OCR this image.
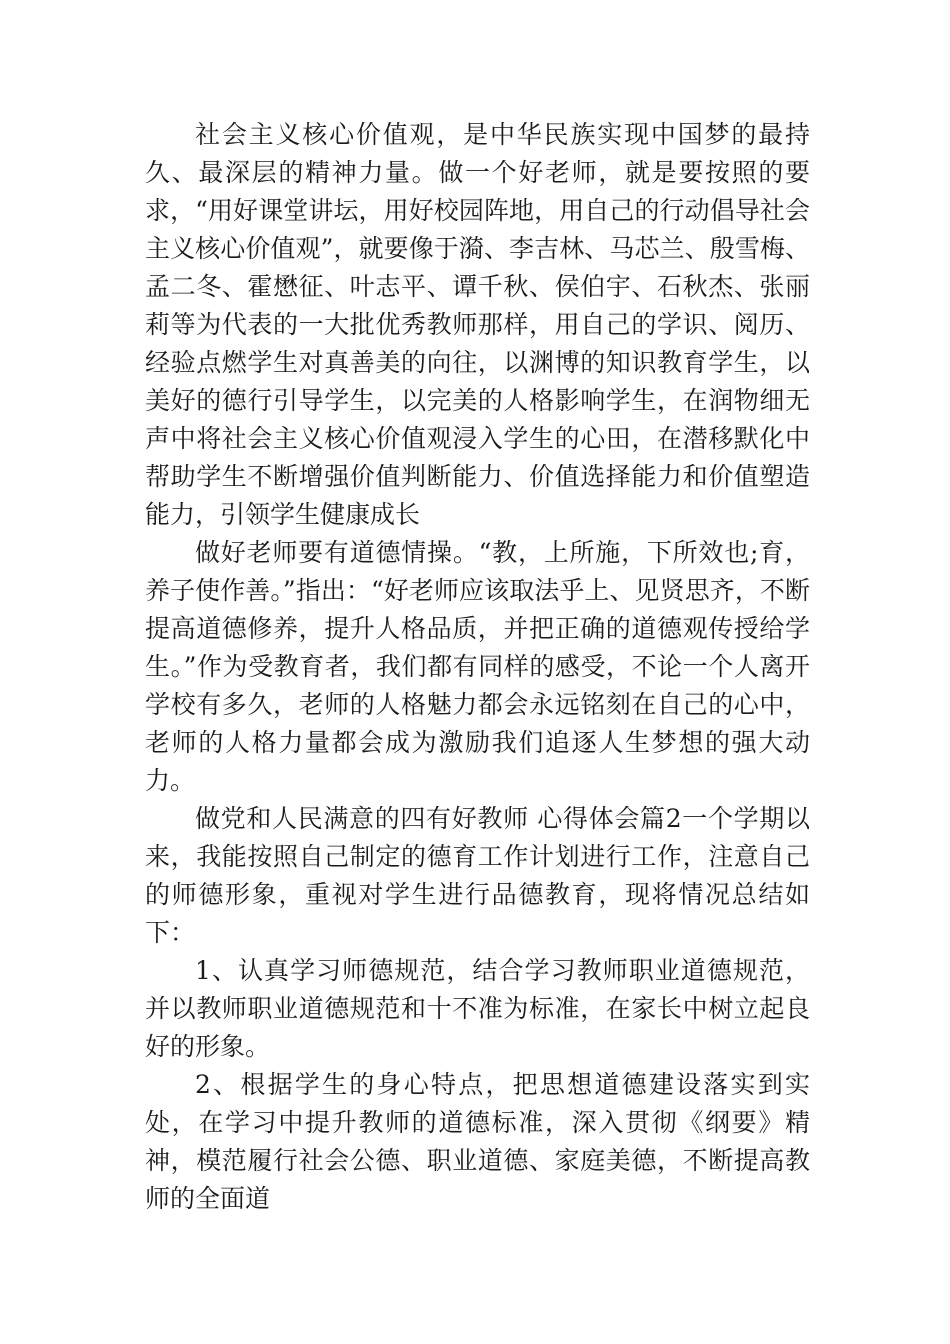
社会主义核心价值观，是中华民族实现中国梦的最持久、最深层的精神力量。做一个好老师，就是要按照的要求，“用好课堂讲坛，用好校园阵地，用自己的行动倡导社会主义核心价值观”，就要像于漪、李吉林、马芯兰、殷雪梅、孟二冬、霍懋征、叶志平、谭千秋、侯伯宇、石秋杰、张丽莉等为代表的一大批优秀教师那样，用自己的学识、阅历、经验点燃学生对真善美的向往，以渊博的知识教育学生，以美好的德行引导学生，以完美的人格影响学生，在润物细无声中将社会主义核心价值观浸入学生的心田，在潜移默化中帮助学生不断增强价值判断能力、价值选择能力和价值塑造能力，引领学生健康成长

做好老师要有道德情操。“教，上所施，下所效也;育，养子使作善。”指出：“好老师应该取法乎上、见贤思齐，不断提高道德修养，提升人格品质，并把正确的道德观传授给学生。”作为受教育者，我们都有同样的感受，不论一个人离开学校有多久，老师的人格魅力都会永远铭刻在自己的心中，老师的人格力量都会成为激励我们追逐人生梦想的强大动力。

做党和人民满意的四有好教师 心得体会篇2一个学期以来，我能按照自己制定的德育工作计划进行工作，注意自己的师德形象，重视对学生进行品德教育，现将情况总结如下：

1、认真学习师德规范，结合学习教师职业道德规范，并以教师职业道德规范和十不准为标准，在家长中树立起良好的形象。

2、根据学生的身心特点，把思想道德建设落实到实处，在学习中提升教师的道德标准，深入贯彻《纲要》精神，模范履行社会公德、职业道德、家庭美德，不断提高教师的全面道
